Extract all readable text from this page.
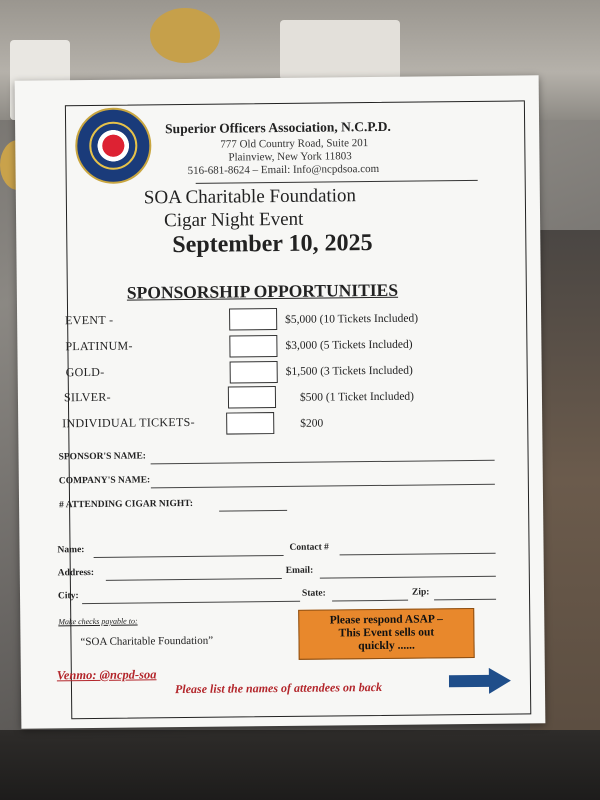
Superior Officers Association, N.C.P.D.
777 Old Country Road, Suite 201
Plainview, New York 11803
516-681-8624 – Email: Info@ncpdsoa.com
SOA Charitable Foundation
Cigar Night Event
September 10, 2025
SPONSORSHIP OPPORTUNITIES
EVENT -	$5,000 (10 Tickets Included)
PLATINUM-	$3,000 (5 Tickets Included)
GOLD-	$1,500 (3 Tickets Included)
SILVER-	$500 (1 Ticket Included)
INDIVIDUAL TICKETS-	$200
SPONSOR'S NAME:
COMPANY'S NAME:
# ATTENDING CIGAR NIGHT:
Name:	Contact #
Address:	Email:
City:	State:	Zip:
Make checks payable to:
“SOA Charitable Foundation”
Please respond ASAP –
This Event sells out
quickly ......
Venmo: @ncpd-soa
Please list the names of attendees on back
